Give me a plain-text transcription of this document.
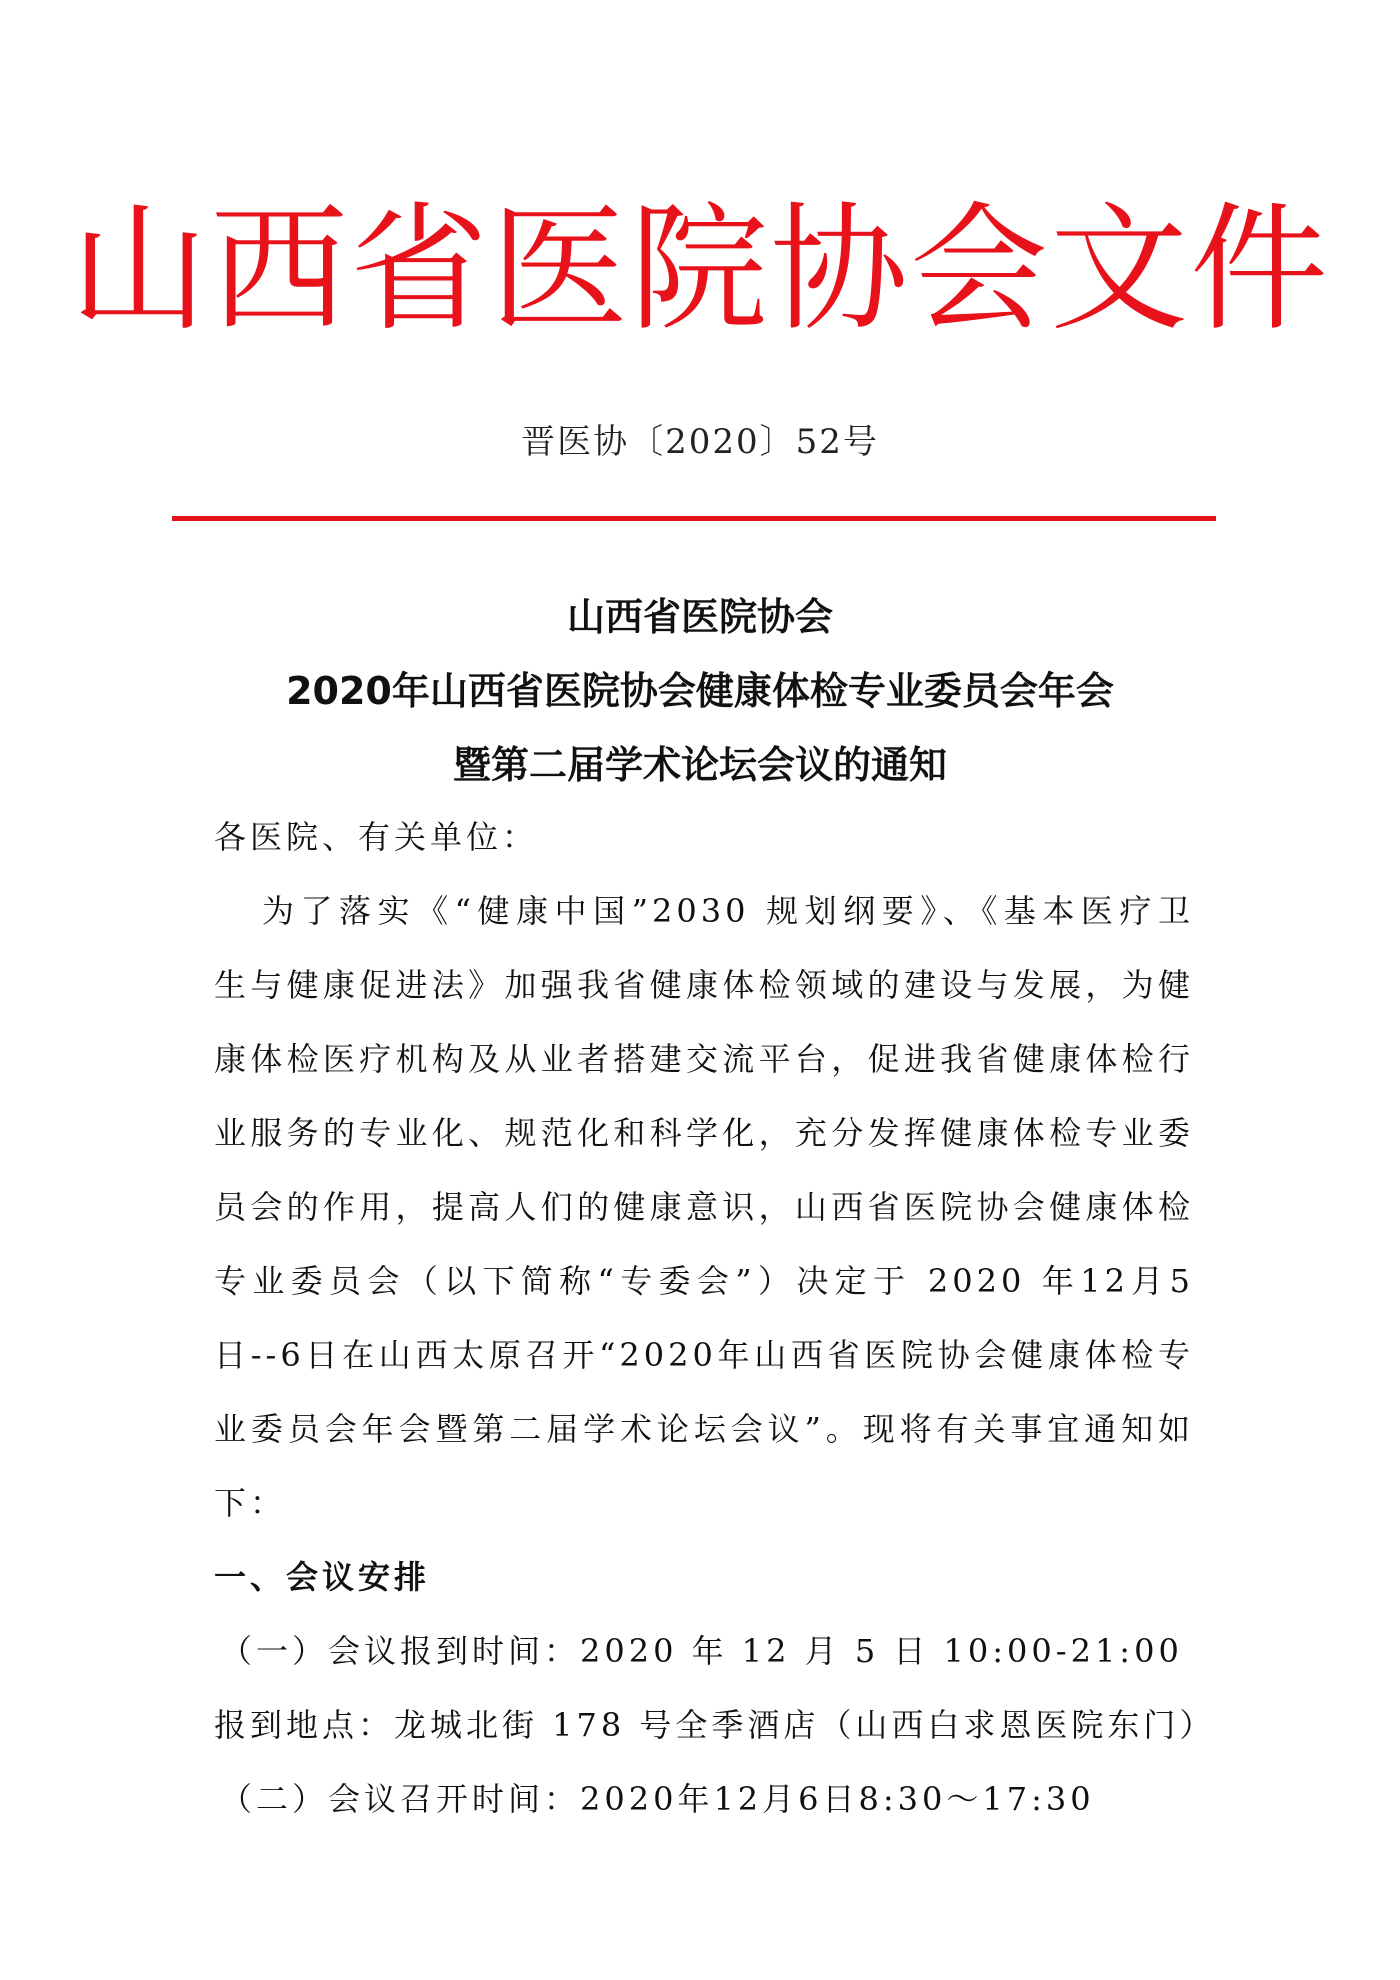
山西省医院协会文件
晋医协〔2020〕52号
山西省医院协会
2020年山西省医院协会健康体检专业委员会年会
暨第二届学术论坛会议的通知
各医院、有关单位：
为了落实《“健康中国”2030 规划纲要》、《基本医疗卫
生与健康促进法》加强我省健康体检领域的建设与发展，为健
康体检医疗机构及从业者搭建交流平台，促进我省健康体检行
业服务的专业化、规范化和科学化，充分发挥健康体检专业委
员会的作用，提高人们的健康意识，山西省医院协会健康体检
专业委员会（以下简称“专委会”）决定于 2020 年12月5
日--6日在山西太原召开“2020年山西省医院协会健康体检专
业委员会年会暨第二届学术论坛会议”。现将有关事宜通知如
下：
一、会议安排
（一）会议报到时间：2020 年 12 月 5 日 10:00-21:00
报到地点：龙城北街 178 号全季酒店（山西白求恩医院东门）
（二）会议召开时间：2020年12月6日8:30～17:30
